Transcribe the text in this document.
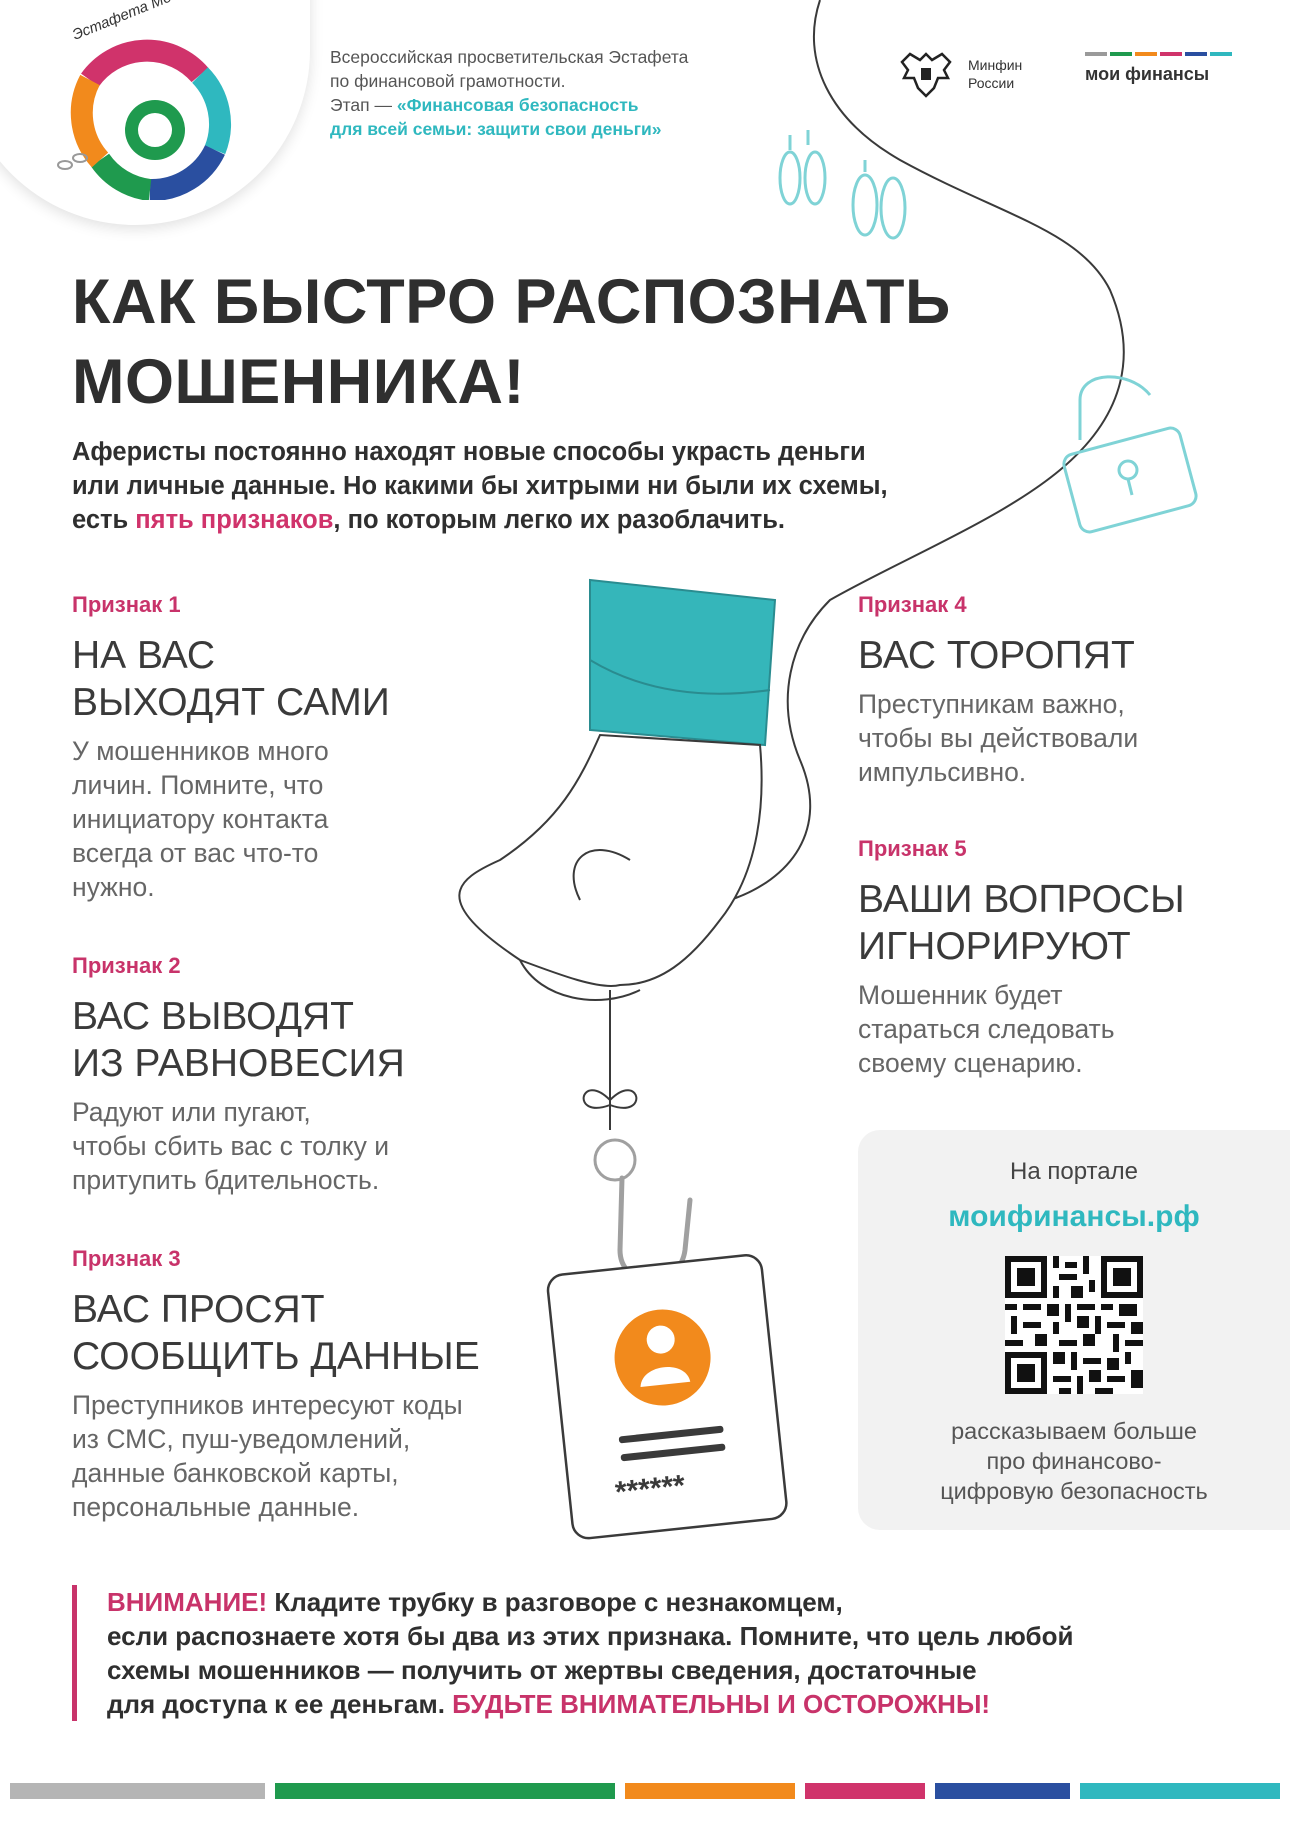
******
Всероссийская просветительская Эстафета
по финансовой грамотности.
Этап — «Финансовая безопасность
для всей семьи: защити свои деньги»
Минфин
России	мои финансы
КАК БЫСТРО РАСПОЗНАТЬ
МОШЕННИКА!
Аферисты постоянно находят новые способы украсть деньги
или личные данные. Но какими бы хитрыми ни были их схемы,
есть пять признаков, по которым легко их разоблачить.
Признак 1
НА ВАС
ВЫХОДЯТ САМИ
У мошенников много
личин. Помните, что
инициатору контакта
всегда от вас что-то
нужно.
Признак 2
ВАС ВЫВОДЯТ
ИЗ РАВНОВЕСИЯ
Радуют или пугают,
чтобы сбить вас с толку и
притупить бдительность.
Признак 3
ВАС ПРОСЯТ
СООБЩИТЬ ДАННЫЕ
Преступников интересуют коды
из СМС, пуш-уведомлений,
данные банковской карты,
персональные данные.
Признак 4
ВАС ТОРОПЯТ
Преступникам важно,
чтобы вы действовали
импульсивно.
Признак 5
ВАШИ ВОПРОСЫ
ИГНОРИРУЮТ
Мошенник будет
стараться следовать
своему сценарию.
На портале
моифинансы.рф
рассказываем больше
про финансово-
цифровую безопасность
ВНИМАНИЕ! Кладите трубку в разговоре с незнакомцем,
если распознаете хотя бы два из этих признака. Помните, что цель любой
схемы мошенников — получить от жертвы сведения, достаточные
для доступа к ее деньгам. БУДЬТЕ ВНИМАТЕЛЬНЫ И ОСТОРОЖНЫ!
